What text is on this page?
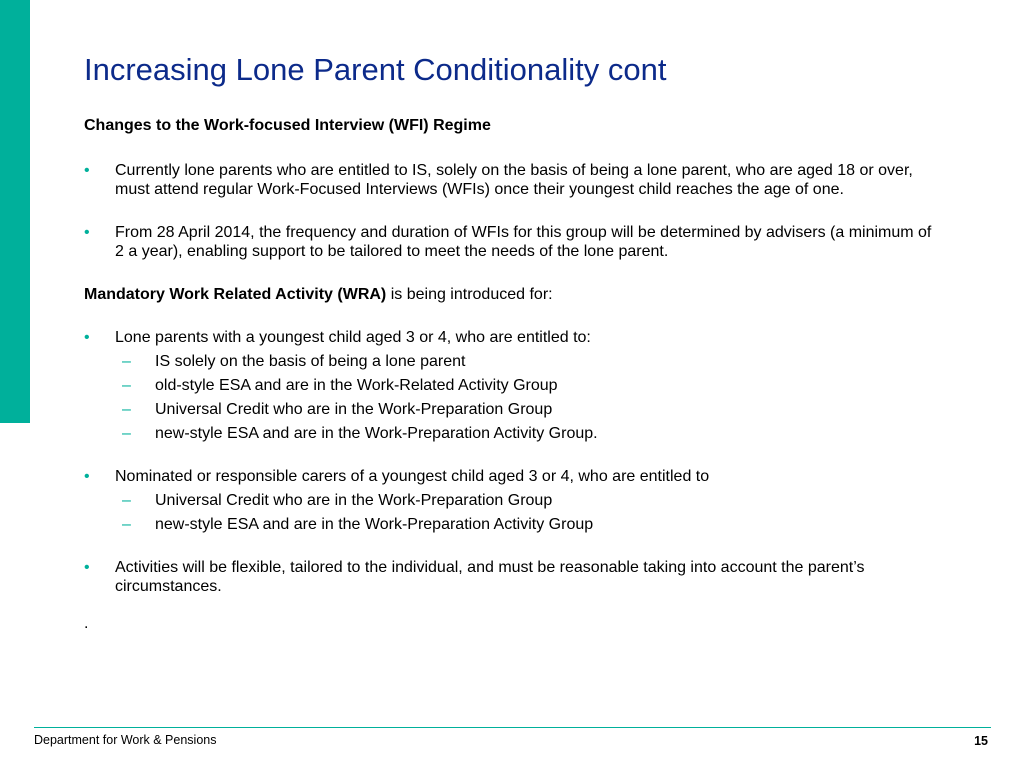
Increasing Lone Parent Conditionality cont

Changes to the Work-focused Interview (WFI) Regime

• Currently lone parents who are entitled to IS, solely on the basis of being a lone parent, who are aged 18 or over, must attend regular Work-Focused Interviews (WFIs) once their youngest child reaches the age of one.
• From 28 April 2014, the frequency and duration of WFIs for this group will be determined by advisers (a minimum of 2 a year), enabling support to be tailored to meet the needs of the lone parent.
Mandatory Work Related Activity (WRA) is being introduced for:
• Lone parents with a youngest child aged 3 or 4, who are entitled to:
– IS solely on the basis of being a lone parent
– old-style ESA and are in the Work-Related Activity Group
– Universal Credit who are in the Work-Preparation Group
– new-style ESA and are in the Work-Preparation Activity Group.
• Nominated or responsible carers of a youngest child aged 3 or 4, who are entitled to
– Universal Credit who are in the Work-Preparation Group
– new-style ESA and are in the Work-Preparation Activity Group
• Activities will be flexible, tailored to the individual, and must be reasonable taking into account the parent’s circumstances.
.
Department for Work & Pensions	15
